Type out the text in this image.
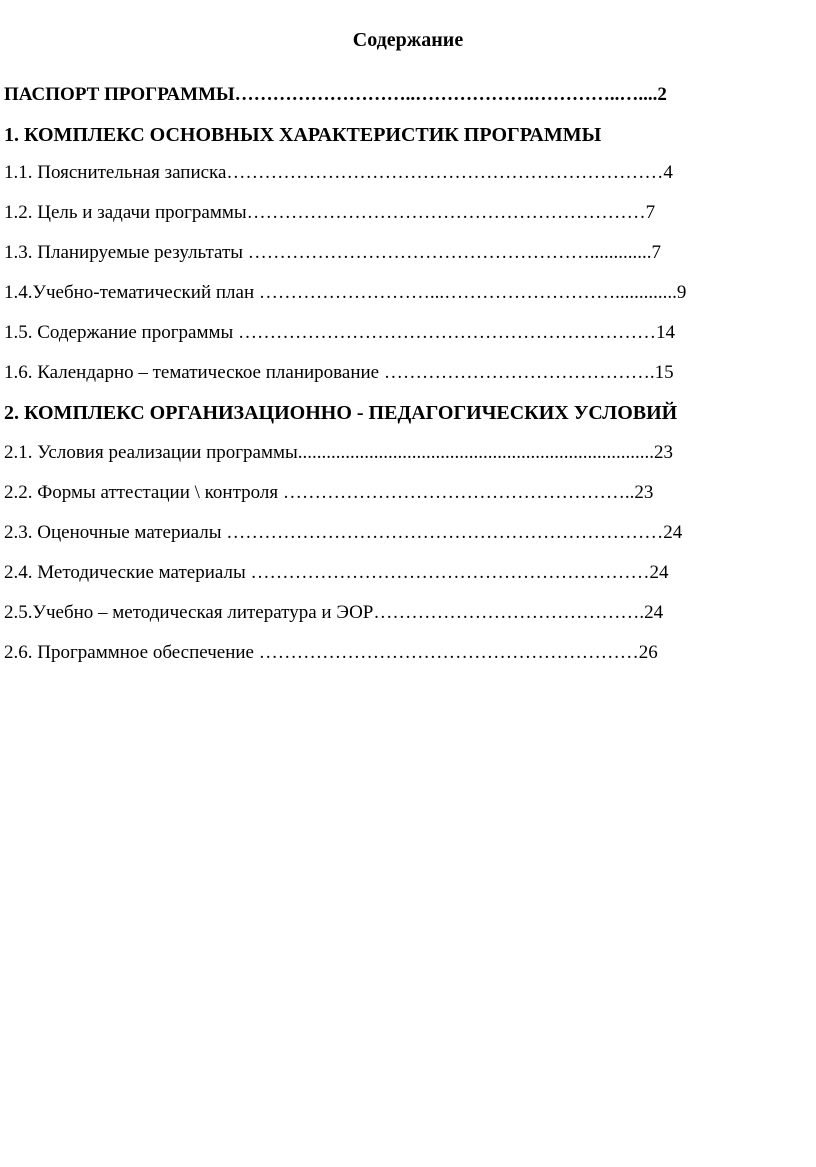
Содержание
ПАСПОРТ ПРОГРАММЫ………………………..……………….…………..…....2
1. КОМПЛЕКС ОСНОВНЫХ ХАРАКТЕРИСТИК ПРОГРАММЫ
1.1. Пояснительная записка……………………………………………………………4
1.2. Цель и задачи программы………………………………………………………7
1.3. Планируемые результаты ……………………………………………….............7
1.4.Учебно-тематический план ………………………...……………………….............9
1.5. Содержание программы …………………………………………………………14
1.6. Календарно – тематическое планирование …………………………………….15
2. КОМПЛЕКС ОРГАНИЗАЦИОННО - ПЕДАГОГИЧЕСКИХ УСЛОВИЙ
2.1. Условия реализации программы...........................................................................23
2.2. Формы аттестации \ контроля ………………………………………………..23
2.3. Оценочные материалы ……………………………………………………………24
2.4. Методические материалы ………………………………………………………24
2.5.Учебно – методическая литература и ЭОР…………………………………….24
2.6. Программное обеспечение ……………………………………………………26
